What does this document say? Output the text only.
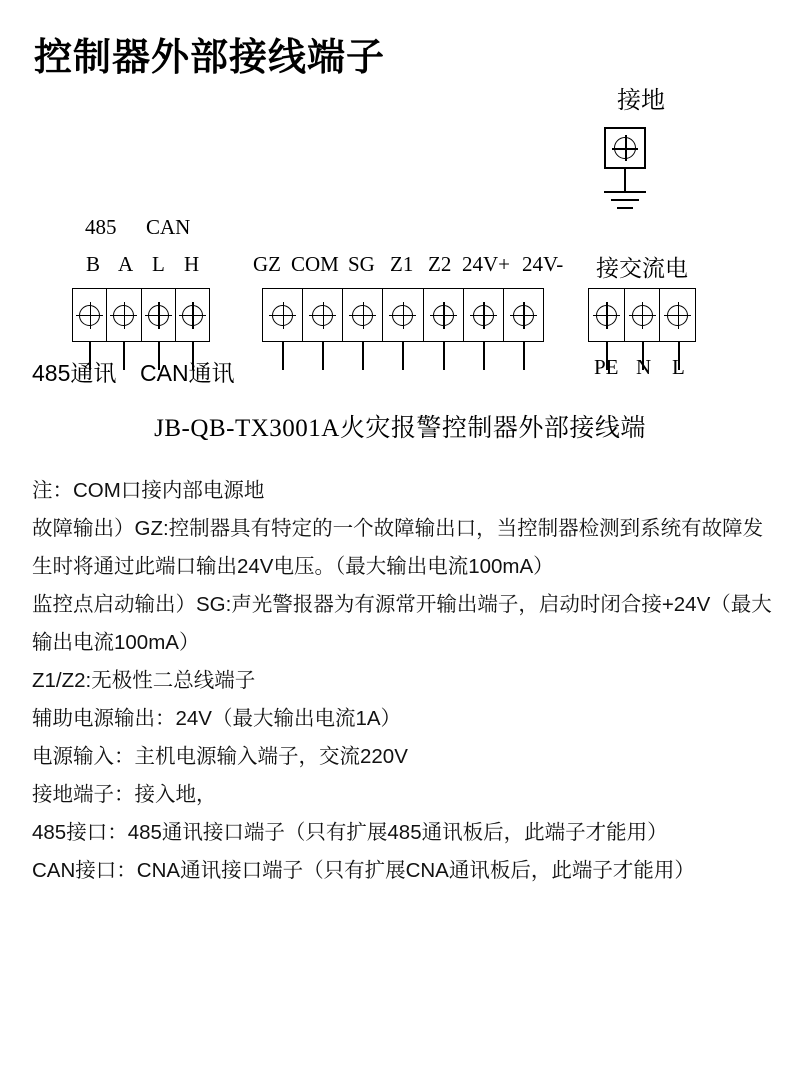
控制器外部接线端子
接地
485 CAN
B A L H
485通讯 CAN通讯
GZ COM SG Z1 Z2 24V+ 24V- 接交流电
PE N L
JB-QB-TX3001A火灾报警控制器外部接线端

注：COM口接内部电源地

故障输出）GZ:控制器具有特定的一个故障输出口，当控制器检测到系统有故障发生时将通过此端口输出24V电压。（最大输出电流100mA）

监控点启动输出）SG:声光警报器为有源常开输出端子，启动时闭合接+24V（最大输出电流100mA）

Z1/Z2:无极性二总线端子

辅助电源输出：24V（最大输出电流1A）

电源输入：主机电源输入端子，交流220V

接地端子：接入地，

485接口：485通讯接口端子（只有扩展485通讯板后，此端子才能用）

CAN接口：CNA通讯接口端子（只有扩展CNA通讯板后，此端子才能用）
